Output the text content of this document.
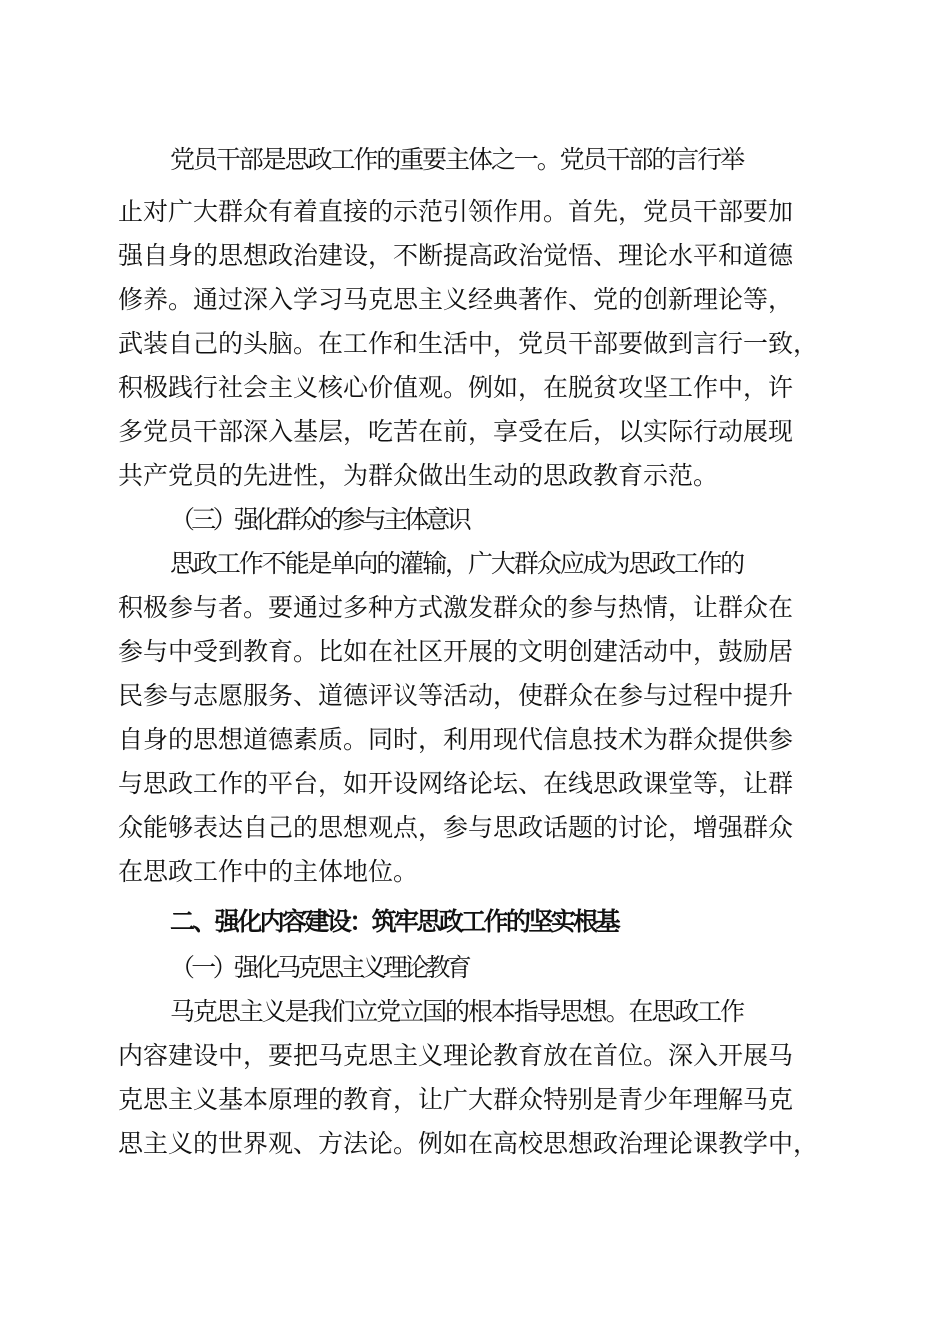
党员干部是思政工作的重要主体之一。党员干部的言行举
止对广大群众有着直接的示范引领作用。首先，党员干部要加
强自身的思想政治建设，不断提高政治觉悟、理论水平和道德
修养。通过深入学习马克思主义经典著作、党的创新理论等，
武装自己的头脑。在工作和生活中，党员干部要做到言行一致，
积极践行社会主义核心价值观。例如，在脱贫攻坚工作中，许
多党员干部深入基层，吃苦在前，享受在后，以实际行动展现
共产党员的先进性，为群众做出生动的思政教育示范。
（三）强化群众的参与主体意识
思政工作不能是单向的灌输，广大群众应成为思政工作的
积极参与者。要通过多种方式激发群众的参与热情，让群众在
参与中受到教育。比如在社区开展的文明创建活动中，鼓励居
民参与志愿服务、道德评议等活动，使群众在参与过程中提升
自身的思想道德素质。同时，利用现代信息技术为群众提供参
与思政工作的平台，如开设网络论坛、在线思政课堂等，让群
众能够表达自己的思想观点，参与思政话题的讨论，增强群众
在思政工作中的主体地位。
二、强化内容建设：筑牢思政工作的坚实根基
（一）强化马克思主义理论教育
马克思主义是我们立党立国的根本指导思想。在思政工作
内容建设中，要把马克思主义理论教育放在首位。深入开展马
克思主义基本原理的教育，让广大群众特别是青少年理解马克
思主义的世界观、方法论。例如在高校思想政治理论课教学中，
